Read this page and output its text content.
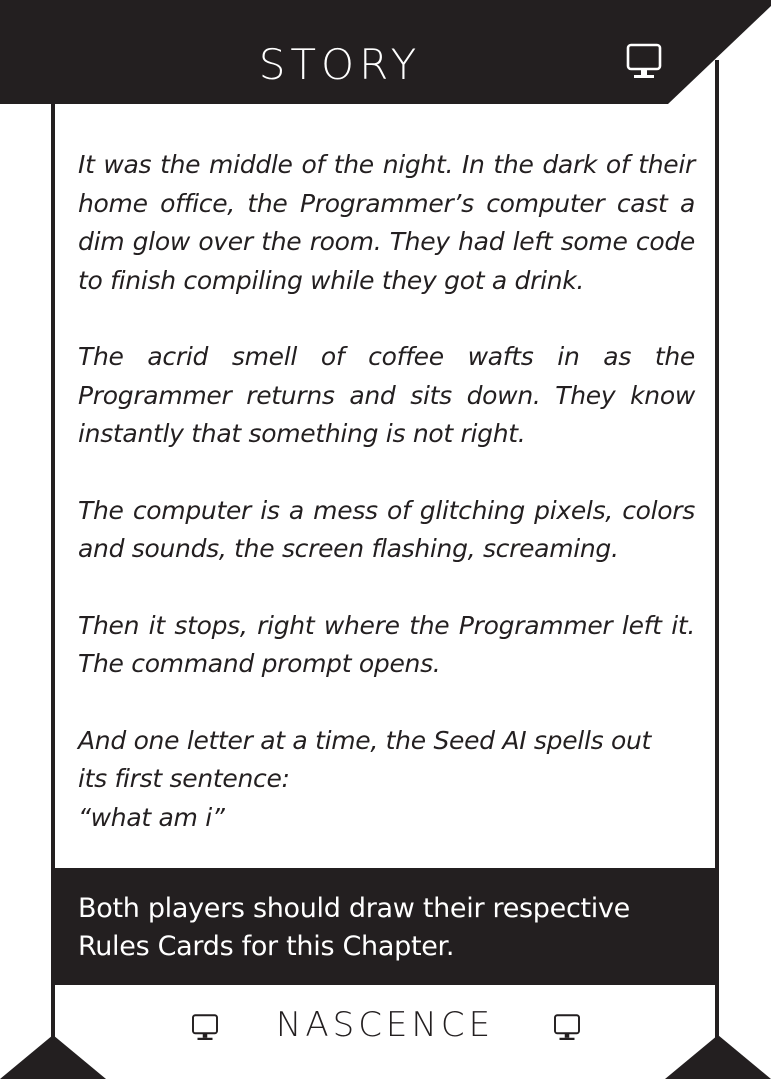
STORY

It was the middle of the night. In the dark of their home office, the Programmer’s computer cast a dim glow over the room. They had left some code to finish compiling while they got a drink.

The acrid smell of coffee wafts in as the Programmer returns and sits down. They know instantly that something is not right.

The computer is a mess of glitching pixels, colors and sounds, the screen flashing, screaming.

Then it stops, right where the Programmer left it. The command prompt opens.

And one letter at a time, the Seed AI spells out
its first sentence:
“what am i”

Both players should draw their respective Rules Cards for this Chapter.
NASCENCE
